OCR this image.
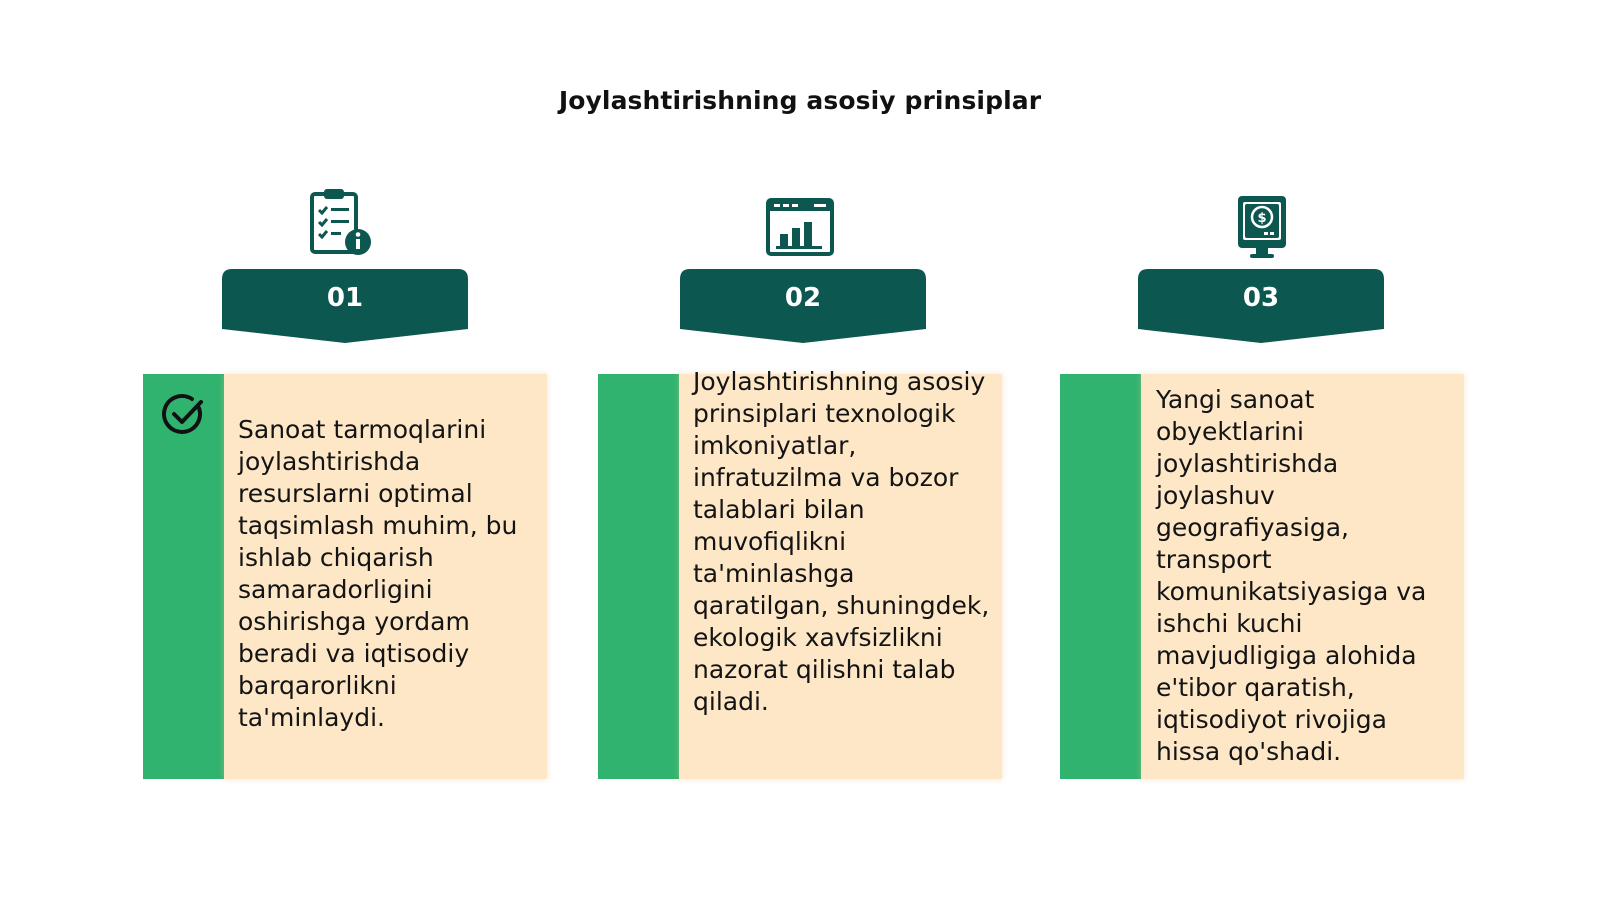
Joylashtirishning asosiy prinsiplar
01
Sanoat tarmoqlarini joylashtirishda resurslarni optimal taqsimlash muhim, bu ishlab chiqarish samaradorligini oshirishga yordam beradi va iqtisodiy barqarorlikni ta'minlaydi.
02
Joylashtirishning asosiy prinsiplari texnologik imkoniyatlar, infratuzilma va bozor talablari bilan muvofiqlikni ta'minlashga qaratilgan, shuningdek, ekologik xavfsizlikni nazorat qilishni talab qiladi.
$
03
Yangi sanoat obyektlarini joylashtirishda joylashuv geografiyasiga, transport komunikatsiyasiga va ishchi kuchi mavjudligiga alohida e'tibor qaratish, iqtisodiyot rivojiga hissa qo'shadi.
